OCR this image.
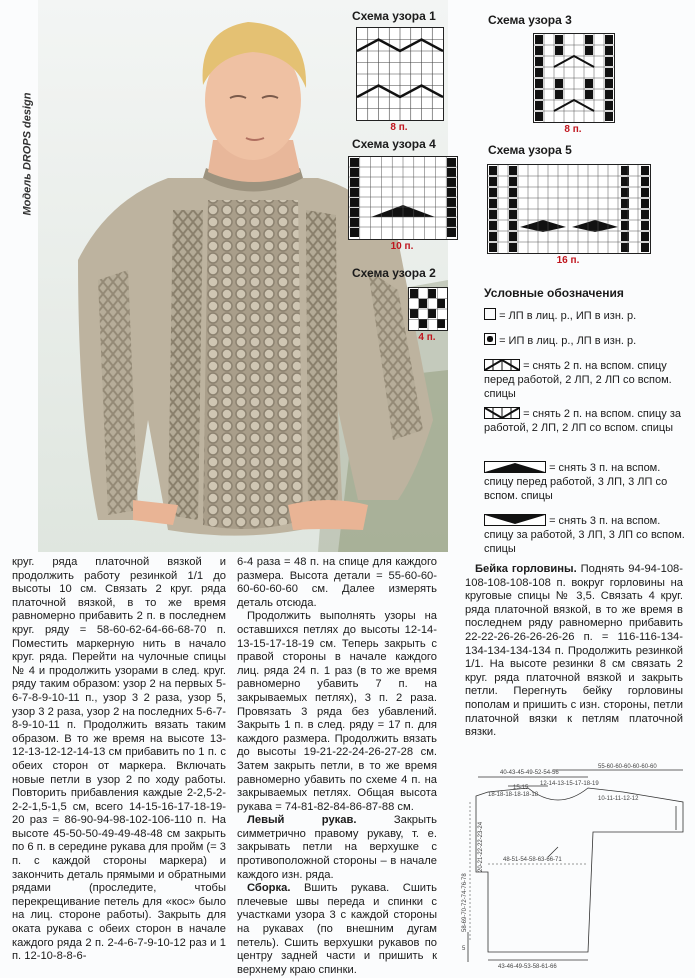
Модель DROPS design
Схема узора 1
8 п.
Схема узора 3
8 п.
Схема узора 4
10 п.
Схема узора 5
16 п.
Схема узора 2
4 п.
Условные обозначения
= ЛП в лиц. р., ИП в изн. р.
= ИП в лиц. р., ЛП в изн. р.
= снять 2 п. на вспом. спицу перед работой, 2 ЛП, 2 ЛП со вспом. спицы
= снять 2 п. на вспом. спицу за работой, 2 ЛП, 2 ЛП со вспом. спицы
= снять 3 п. на вспом. спицу перед работой, 3 ЛП, 3 ЛП со вспом. спицы
= снять 3 п. на вспом. спицу за работой, 3 ЛП, 3 ЛП со вспом. спицы

круг. ряда платочной вязкой и продолжить работу резинкой 1/1 до высоты 10 см. Связать 2 круг. ряда платочной вязкой, в то же время равномерно прибавить 2 п. в последнем круг. ряду = 58-60-62-64-66-68-70 п. Поместить маркерную нить в начало круг. ряда. Перейти на чулочные спицы № 4 и продолжить узорами в след. круг. ряду таким образом: узор 2 на первых 5-6-7-8-9-10-11 п., узор 3 2 раза, узор 5, узор 3 2 раза, узор 2 на последних 5-6-7-8-9-10-11 п. Продолжить вязать таким образом. В то же время на высоте 13-12-13-12-12-14-13 см прибавить по 1 п. с обеих сторон от маркера. Включать новые петли в узор 2 по ходу работы. Повторить прибавления каждые 2-2,5-2-2-2-1,5-1,5 см, всего 14-15-16-17-18-19-20 раз = 86-90-94-98-102-106-110 п. На высоте 45-50-50-49-49-48-48 см закрыть по 6 п. в середине рукава для пройм (= 3 п. с каждой стороны маркера) и закончить деталь прямыми и обратными рядами (проследите, чтобы перекрещивание петель для «кос» было на лиц. стороне работы). Закрыть для оката рукава с обеих сторон в начале каждого ряда 2 п. 2-4-6-7-9-10-12 раз и 1 п. 12-10-8-8-6-

6-4 раза = 48 п. на спице для каждого размера. Высота детали = 55-60-60-60-60-60-60 см. Далее измерять деталь отсюда.

Продолжить выполнять узоры на оставшихся петлях до высоты 12-14-13-15-17-18-19 см. Теперь закрыть с правой стороны в начале каждого лиц. ряда 24 п. 1 раз (в то же время равномерно убавить 7 п. на закрываемых петлях), 3 п. 2 раза. Провязать 3 ряда без убавлений. Закрыть 1 п. в след. ряду = 17 п. для каждого размера. Продолжить вязать до высоты 19-21-22-24-26-27-28 см. Затем закрыть петли, в то же время равномерно убавить по схеме 4 п. на закрываемых петлях. Общая высота рукава = 74-81-82-84-86-87-88 см.

Левый рукав.	Закрыть симметрично правому рукаву, т. е. закрывать петли на верхушке с противоположной стороны – в начале каждого изн. ряда.

Сборка. Вшить рукава. Сшить плечевые швы переда и спинки с участками узора 3 с каждой стороны на рукавах (по внешним дугам петель). Сшить верхушки рукавов по центру задней части и пришить к верхнему краю спинки.

Бейка горловины. Поднять 94-94-108-108-108-108-108 п. вокруг горловины на круговые спицы № 3,5. Связать 4 круг. ряда платочной вязкой, в то же время в последнем ряду равномерно прибавить 22-22-26-26-26-26-26 п. = 116-116-134-134-134-134-134 п. Продолжить резинкой 1/1. На высоте резинки 8 см связать 2 круг. ряда платочной вязкой и закрыть петли. Перегнуть бейку горловины пополам и пришить с изн. стороны, петли платочной вязки к петлям платочной вязки.

40-43-45-49-52-54-56
55-60-60-60-60-60-60
12-14-13-15-17-18-19
15-15
18-18-18-18-18-18
10-11-11-12-12
48-51-54-58-63-66-71
58-69-70-72-74-76-78
20-21-22-22-23-24
5
43-46-49-53-58-61-66
